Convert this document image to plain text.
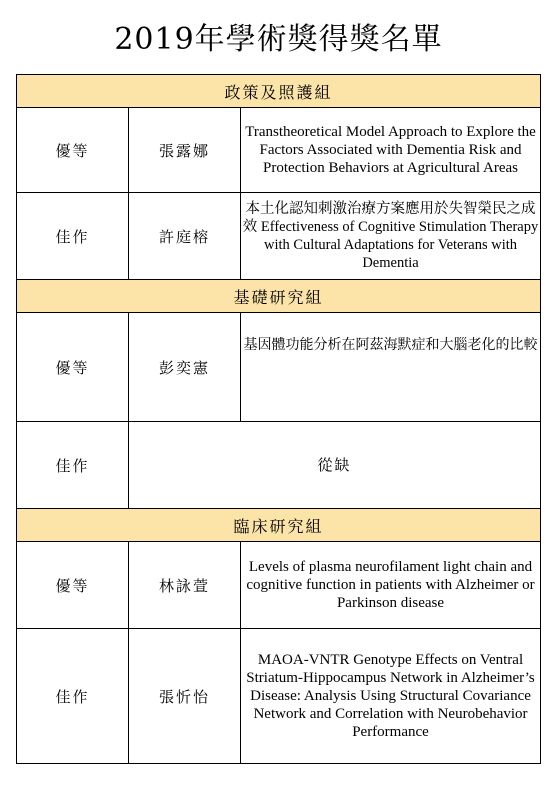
2019年學術獎得獎名單
政策及照護組		
優等	張露娜	Transtheoretical Model Approach to Explore the Factors Associated with Dementia Risk and Protection Behaviors at Agricultural Areas
佳作	許庭榕	本土化認知刺激治療方案應用於失智榮民之成效 Effectiveness of Cognitive Stimulation Therapy with Cultural Adaptations for Veterans with Dementia
基礎研究組		
優等	彭奕憲	基因體功能分析在阿茲海默症和大腦老化的比較
佳作	從缺	
臨床研究組		
優等	林詠萱	Levels of plasma neurofilament light chain and cognitive function in patients with Alzheimer or Parkinson disease
佳作	張忻怡	MAOA-VNTR Genotype Effects on Ventral Striatum-Hippocampus Network in Alzheimer’s Disease: Analysis Using Structural Covariance Network and Correlation with Neurobehavior Performance
